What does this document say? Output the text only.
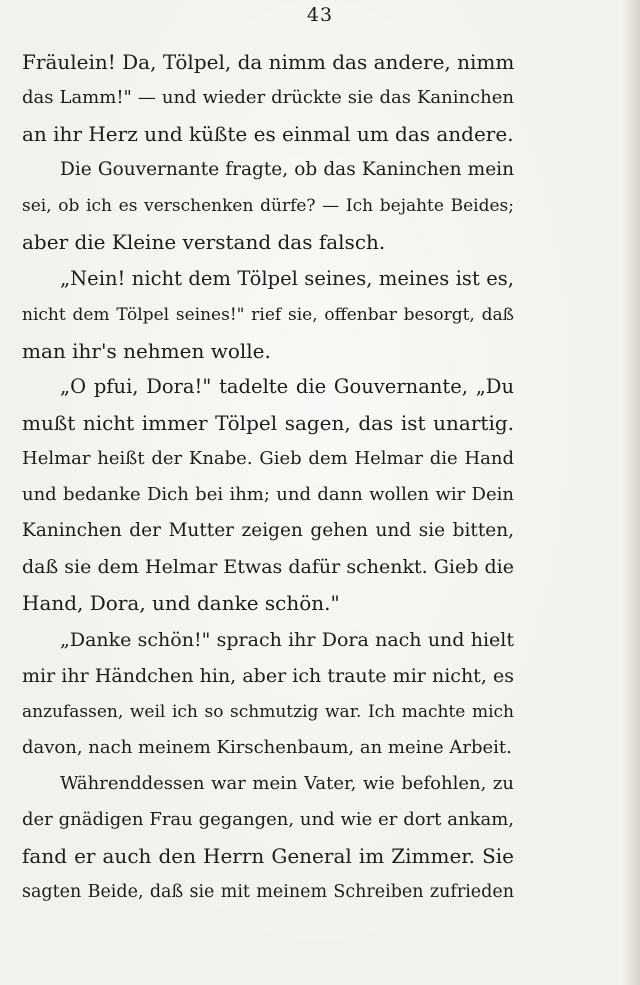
43
Fräulein! Da, Tölpel, da nimm das andere, nimm
das Lamm!" — und wieder drückte sie das Kaninchen
an ihr Herz und küßte es einmal um das andere.
Die Gouvernante fragte, ob das Kaninchen mein
sei, ob ich es verschenken dürfe? — Ich bejahte Beides;
aber die Kleine verstand das falsch.
„Nein! nicht dem Tölpel seines, meines ist es,
nicht dem Tölpel seines!" rief sie, offenbar besorgt, daß
man ihr's nehmen wolle.
„O pfui, Dora!" tadelte die Gouvernante, „Du
mußt nicht immer Tölpel sagen, das ist unartig.
Helmar heißt der Knabe. Gieb dem Helmar die Hand
und bedanke Dich bei ihm; und dann wollen wir Dein
Kaninchen der Mutter zeigen gehen und sie bitten,
daß sie dem Helmar Etwas dafür schenkt. Gieb die
Hand, Dora, und danke schön."
„Danke schön!" sprach ihr Dora nach und hielt
mir ihr Händchen hin, aber ich traute mir nicht, es
anzufassen, weil ich so schmutzig war. Ich machte mich
davon, nach meinem Kirschenbaum, an meine Arbeit.
Währenddessen war mein Vater, wie befohlen, zu
der gnädigen Frau gegangen, und wie er dort ankam,
fand er auch den Herrn General im Zimmer. Sie
sagten Beide, daß sie mit meinem Schreiben zufrieden
